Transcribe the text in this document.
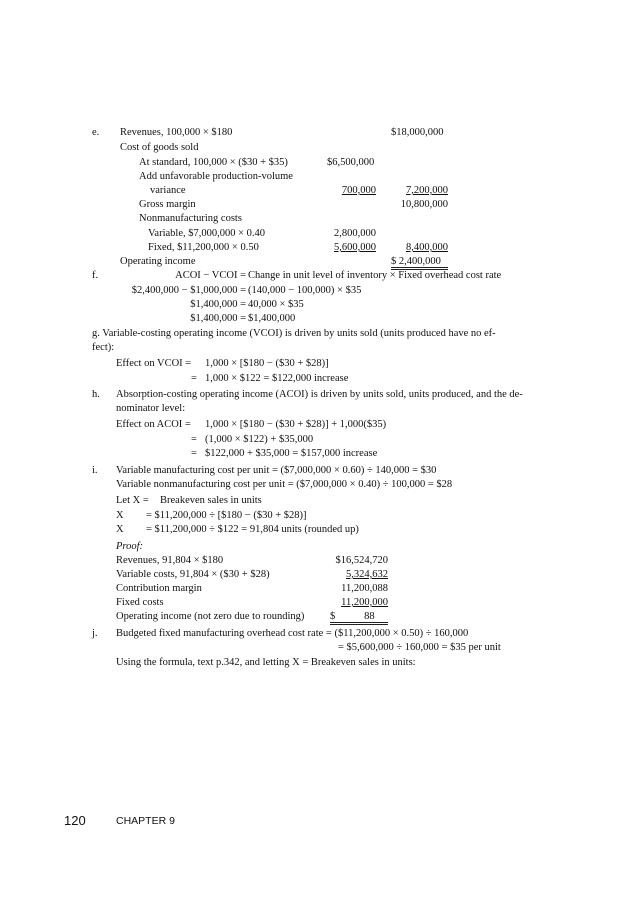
e. Revenues, 100,000 × $180	$18,000,000
Cost of goods sold
At standard, 100,000 × ($30 + $35)	$6,500,000
Add unfavorable production-volume
variance	700,000	7,200,000
Gross margin	10,800,000
Nonmanufacturing costs
Variable, $7,000,000 × 0.40	2,800,000
Fixed, $11,200,000 × 0.50	5,600,000	8,400,000
Operating income	$ 2,400,000
f.	ACOI − VCOI = Change in unit level of inventory × Fixed overhead cost rate
$2,400,000 − $1,000,000 = (140,000 − 100,000) × $35
$1,400,000 = 40,000 × $35
$1,400,000 = $1,400,000
g. Variable-costing operating income (VCOI) is driven by units sold (units produced have no ef-
fect):
Effect on VCOI = 1,000 × [$180 − ($30 + $28)]
= 1,000 × $122 = $122,000 increase
h. Absorption-costing operating income (ACOI) is driven by units sold, units produced, and the de-
nominator level:
Effect on ACOI = 1,000 × [$180 − ($30 + $28)] + 1,000($35)
= (1,000 × $122) + $35,000
= $122,000 + $35,000 = $157,000 increase
i. Variable manufacturing cost per unit = ($7,000,000 × 0.60) ÷ 140,000 = $30
Variable nonmanufacturing cost per unit = ($7,000,000 × 0.40) ÷ 100,000 = $28
Let X = Breakeven sales in units
X = $11,200,000 ÷ [$180 − ($30 + $28)]
X = $11,200,000 ÷ $122 = 91,804 units (rounded up)
Proof:
Revenues, 91,804 × $180	$16,524,720
Variable costs, 91,804 × ($30 + $28)	5,324,632
Contribution margin	11,200,088
Fixed costs	11,200,000
Operating income (not zero due to rounding) $           88
j. Budgeted fixed manufacturing overhead cost rate = ($11,200,000 × 0.50) ÷ 160,000
= $5,600,000 ÷ 160,000 = $35 per unit
Using the formula, text p.342, and letting X = Breakeven sales in units:
120	CHAPTER 9
